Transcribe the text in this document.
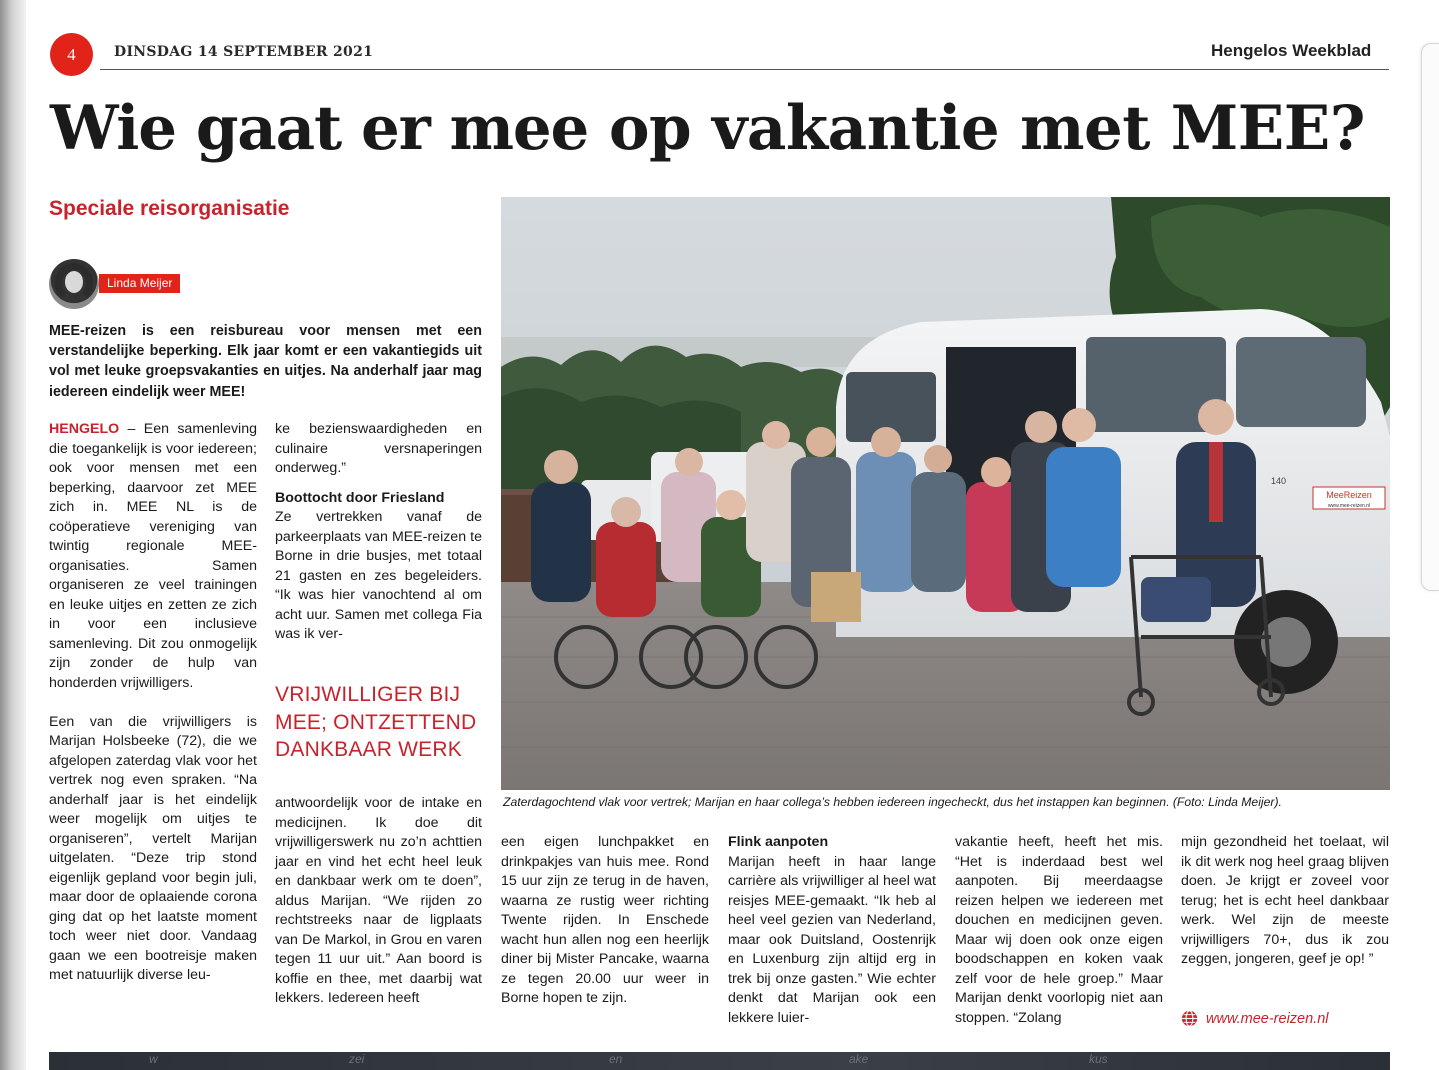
4	DINSDAG 14 SEPTEMBER 2021	Hengelos Weekblad
Wie gaat er mee op vakantie met MEE?
Speciale reisorganisatie
Linda Meijer
MEE-reizen is een reisbureau voor mensen met een verstandelijke beperking. Elk jaar komt er een vakantiegids uit vol met leuke groepsvakanties en uitjes. Na anderhalf jaar mag iedereen eindelijk weer MEE!

HENGELO – Een samenleving die toegankelijk is voor iedereen; ook voor mensen met een beperking, daarvoor zet MEE zich in. MEE NL is de coöperatieve vereniging van twintig regionale MEE-organisaties. Samen organiseren ze veel trainingen en leuke uitjes en zetten ze zich in voor een inclusieve samenleving. Dit zou onmogelijk zijn zonder de hulp van honderden vrijwilligers.

Een van die vrijwilligers is Marijan Holsbeeke (72), die we afgelopen zaterdag vlak voor het vertrek nog even spraken. “Na anderhalf jaar is het eindelijk weer mogelijk om uitjes te organiseren”, vertelt Marijan uitgelaten. “Deze trip stond eigenlijk gepland voor begin juli, maar door de oplaaiende corona ging dat op het laatste moment toch weer niet door. Vandaag gaan we een bootreisje maken met natuurlijk diverse leu-

ke bezienswaardigheden en culinaire versnaperingen onderweg.”

Boottocht door Friesland

Ze vertrekken vanaf de parkeerplaats van MEE-reizen te Borne in drie busjes, met totaal 21 gasten en zes begeleiders. “Ik was hier vanochtend al om acht uur. Samen met collega Fia was ik ver-

VRIJWILLIGER BIJ MEE; ONTZETTEND DANKBAAR WERK

antwoordelijk voor de intake en medicijnen. Ik doe dit vrijwilligerswerk nu zo’n achttien jaar en vind het echt heel leuk en dankbaar werk om te doen”, aldus Marijan. “We rijden zo rechtstreeks naar de ligplaats van De Markol, in Grou en varen tegen 11 uur uit.” Aan boord is koffie en thee, met daarbij wat lekkers. Iedereen heeft

een eigen lunchpakket en drinkpakjes van huis mee. Rond 15 uur zijn ze terug in de haven, waarna ze rustig weer richting Twente rijden. In Enschede wacht hun allen nog een heerlijk diner bij Mister Pancake, waarna ze tegen 20.00 uur weer in Borne hopen te zijn.

Flink aanpoten

Marijan heeft in haar lange carrière als vrijwilliger al heel wat reisjes MEE-gemaakt. “Ik heb al heel veel gezien van Nederland, maar ook Duitsland, Oostenrijk en Luxenburg zijn altijd erg in trek bij onze gasten.” Wie echter denkt dat Marijan ook een lekkere luier-

vakantie heeft, heeft het mis. “Het is inderdaad best wel aanpoten. Bij meerdaagse reizen helpen we iedereen met douchen en medicijnen geven. Maar wij doen ook onze eigen boodschappen en koken vaak zelf voor de hele groep.” Maar Marijan denkt voorlopig niet aan stoppen. “Zolang

mijn gezondheid het toelaat, wil ik dit werk nog heel graag blijven doen. Je krijgt er zoveel voor terug; het is echt heel dankbaar werk. Wel zijn de meeste vrijwilligers 70+, dus ik zou zeggen, jongeren, geef je op! ”

www.mee-reizen.nl
MeeReizen
www.mee-reizen.nl
140
Zaterdagochtend vlak voor vertrek; Marijan en haar collega’s hebben iedereen ingecheckt, dus het instappen kan beginnen. (Foto: Linda Meijer).
w	zei	en	ake	kus
